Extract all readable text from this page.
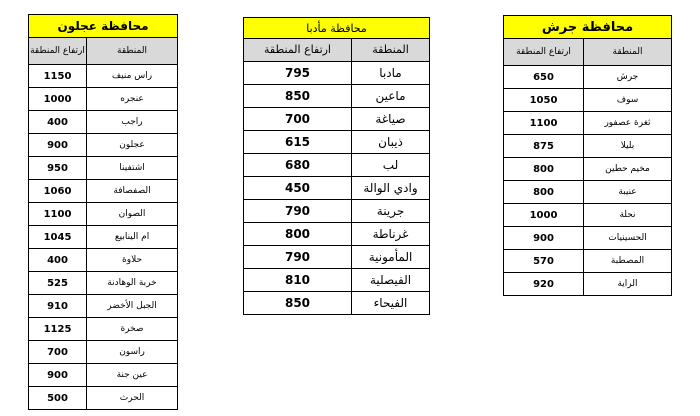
محافظة عجلون	
المنطقة	ارتفاع المنطقة
راس منيف	1150
عنجره	1000
راجب	400
عجلون	900
اشتفينا	950
الصفصافة	1060
الصوان	1100
ام الينابيع	1045
حلاوة	400
خربة الوهادنة	525
الجبل الأخضر	910
صخرة	1125
راسون	700
عين جنة	900
الحرث	500
محافظة مأدبا	
المنطقة	ارتفاع المنطقة
مادبا	795
ماعين	850
صياغة	700
ذيبان	615
لب	680
وادي الوالة	450
جرينة	790
غرناطة	800
المأمونية	790
الفيصلية	810
الفيحاء	850
محافظة جرش	
المنطقة	ارتفاع المنطقة
جرش	650
سوف	1050
ثغرة عصفور	1100
بليلا	875
مخيم حطين	800
عنيبة	800
نحلة	1000
الحسينيات	900
المصطبة	570
الراية	920
